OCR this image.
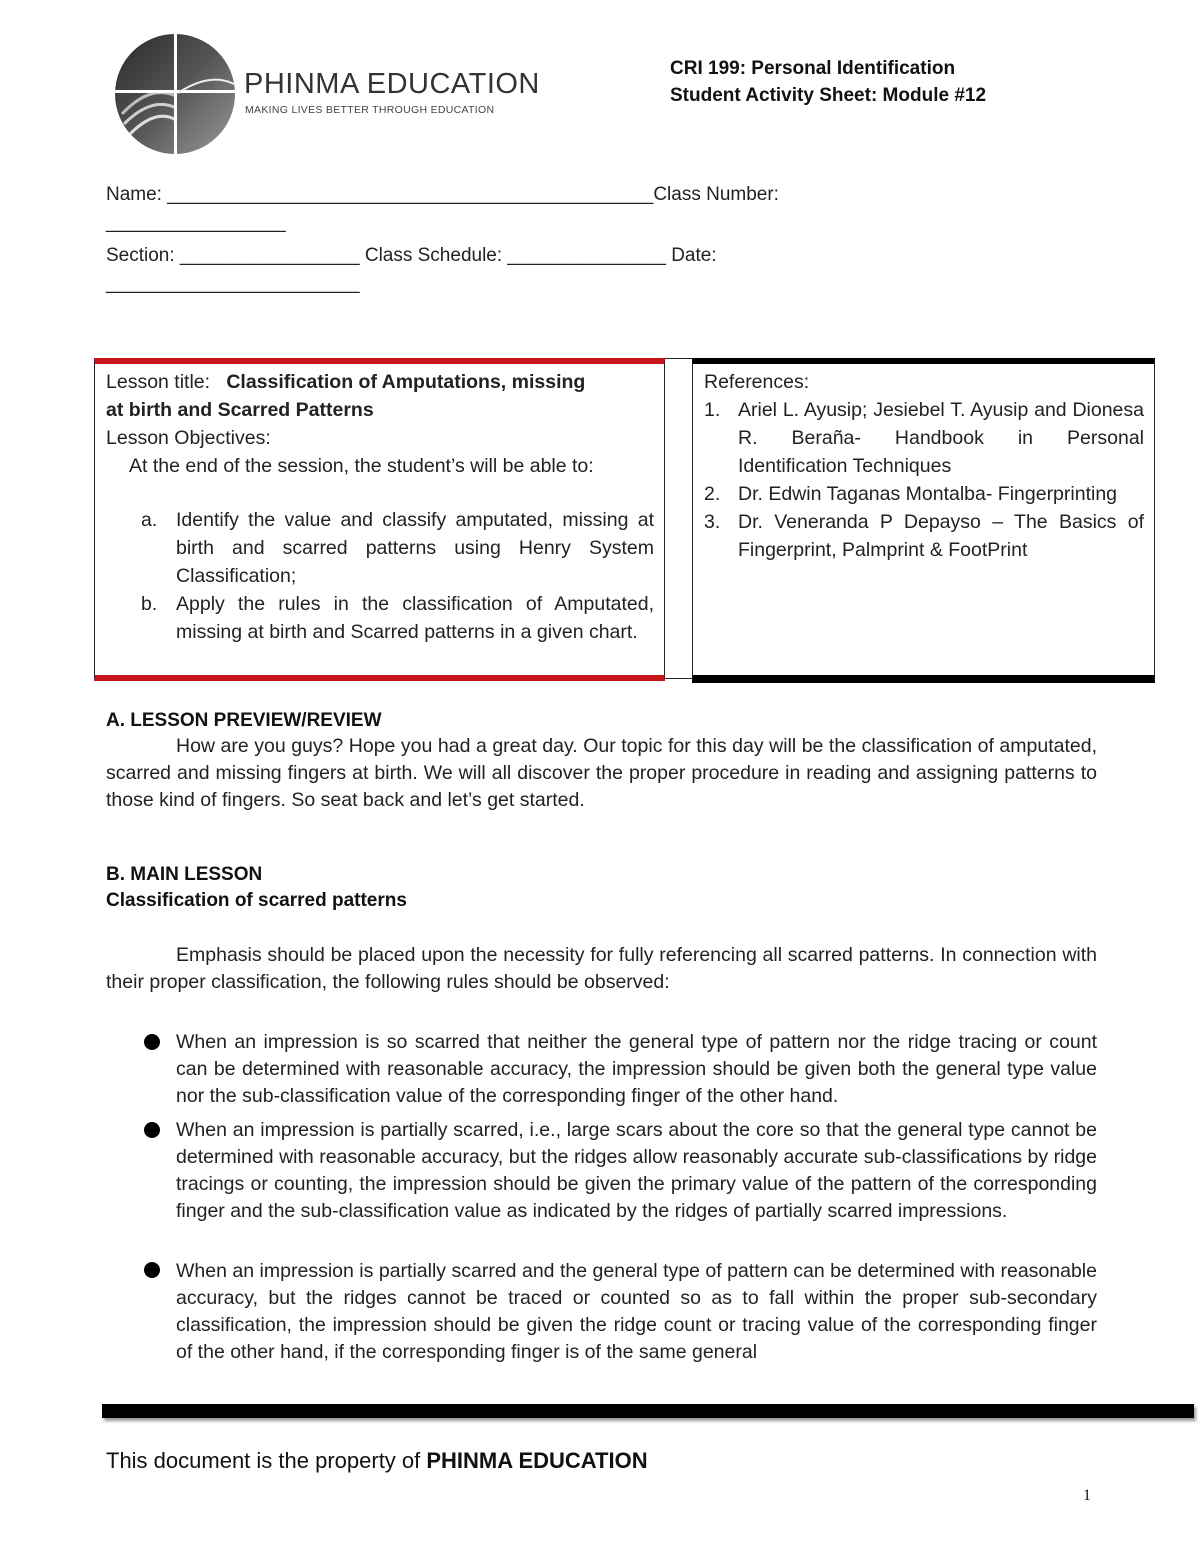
PHINMA EDUCATION
MAKING LIVES BETTER THROUGH EDUCATION
CRI 199: Personal Identification
Student Activity Sheet: Module #12
Name: ______________________________________________Class Number:
_________________
Section: _________________ Class Schedule: _______________ Date:
________________________
Lesson title: Classification of Amputations, missing
at birth and Scarred Patterns
Lesson Objectives:
At the end of the session, the student’s will be able to:
a. Identify the value and classify amputated, missing at birth and scarred patterns using Henry System Classification;
b. Apply the rules in the classification of Amputated, missing at birth and Scarred patterns in a given chart.
References:
1. Ariel L. Ayusip; Jesiebel T. Ayusip and Dionesa R. Beraña- Handbook in Personal Identification Techniques
2. Dr. Edwin Taganas Montalba- Fingerprinting
3. Dr. Veneranda P Depayso – The Basics of Fingerprint, Palmprint & FootPrint
A. LESSON PREVIEW/REVIEW
How are you guys? Hope you had a great day. Our topic for this day will be the classification of amputated, scarred and missing fingers at birth. We will all discover the proper procedure in reading and assigning patterns to those kind of fingers. So seat back and let’s get started.
B. MAIN LESSON
Classification of scarred patterns
Emphasis should be placed upon the necessity for fully referencing all scarred patterns. In connection with their proper classification, the following rules should be observed:
When an impression is so scarred that neither the general type of pattern nor the ridge tracing or count can be determined with reasonable accuracy, the impression should be given both the general type value nor the sub-classification value of the corresponding finger of the other hand.
When an impression is partially scarred, i.e., large scars about the core so that the general type cannot be determined with reasonable accuracy, but the ridges allow reasonably accurate sub-classifications by ridge tracings or counting, the impression should be given the primary value of the pattern of the corresponding finger and the sub-classification value as indicated by the ridges of partially scarred impressions.
When an impression is partially scarred and the general type of pattern can be determined with reasonable accuracy, but the ridges cannot be traced or counted so as to fall within the proper sub-secondary classification, the impression should be given the ridge count or tracing value of the corresponding finger of the other hand, if the corresponding finger is of the same general
This document is the property of PHINMA EDUCATION
1
